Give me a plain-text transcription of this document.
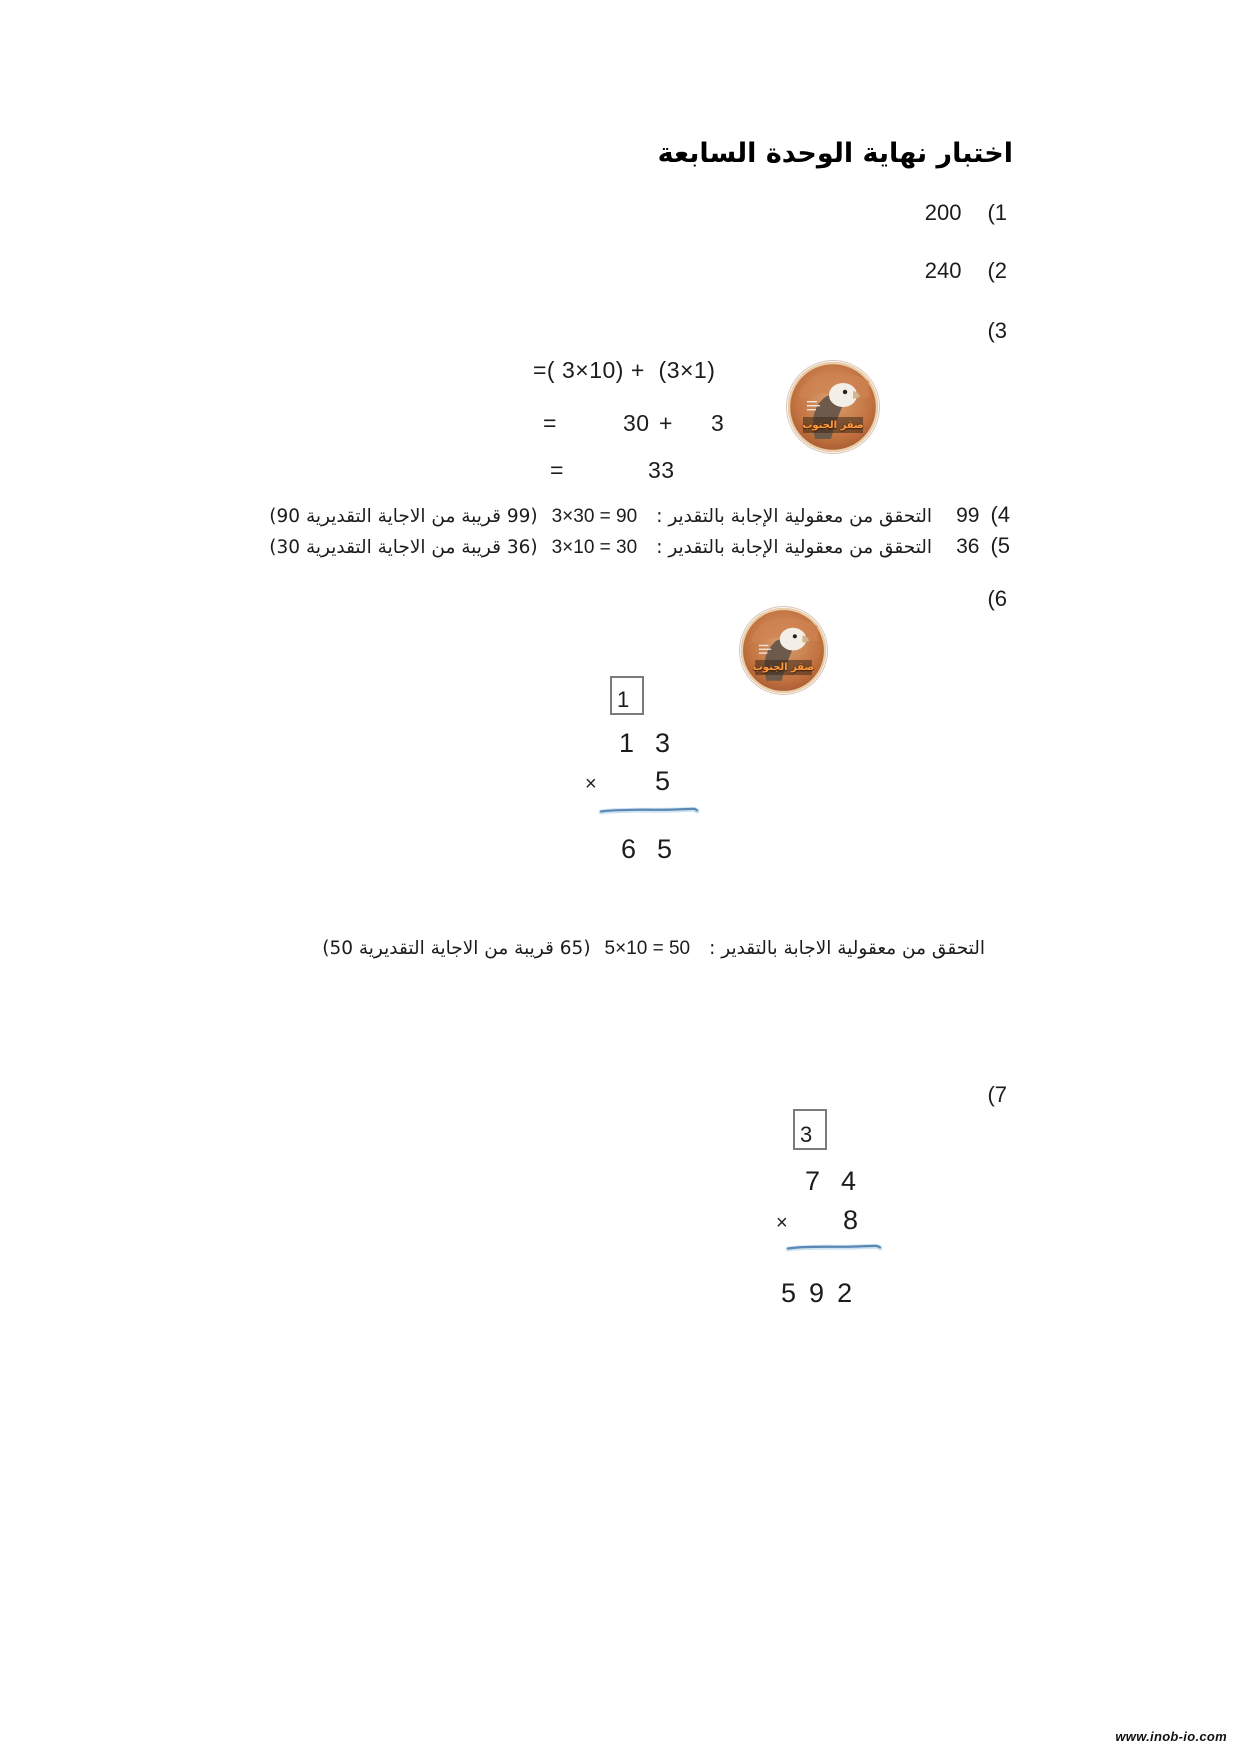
اختبار نهاية الوحدة السابعة
200 (1
240 (2
(3
=( 3×10) +  (3×1)
=	30 + 3
=	33
صقر الجنوب
(4
99
التحقق من معقولية الإجابة بالتقدير :
3×30 = 90
(99 قريبة من الاجاية التقديرية 90)
(5
36
التحقق من معقولية الإجابة بالتقدير :
3×10 = 30
(36 قريبة من الاجاية التقديرية 30)
(6
صقر الجنوب
1
1 3
× 5
6 5
التحقق من معقولية الاجابة بالتقدير :
5×10 = 50
(65 قريبة من الاجاية التقديرية 50)
(7
3
7 4
× 8
5 9 2
www.inob-io.com
